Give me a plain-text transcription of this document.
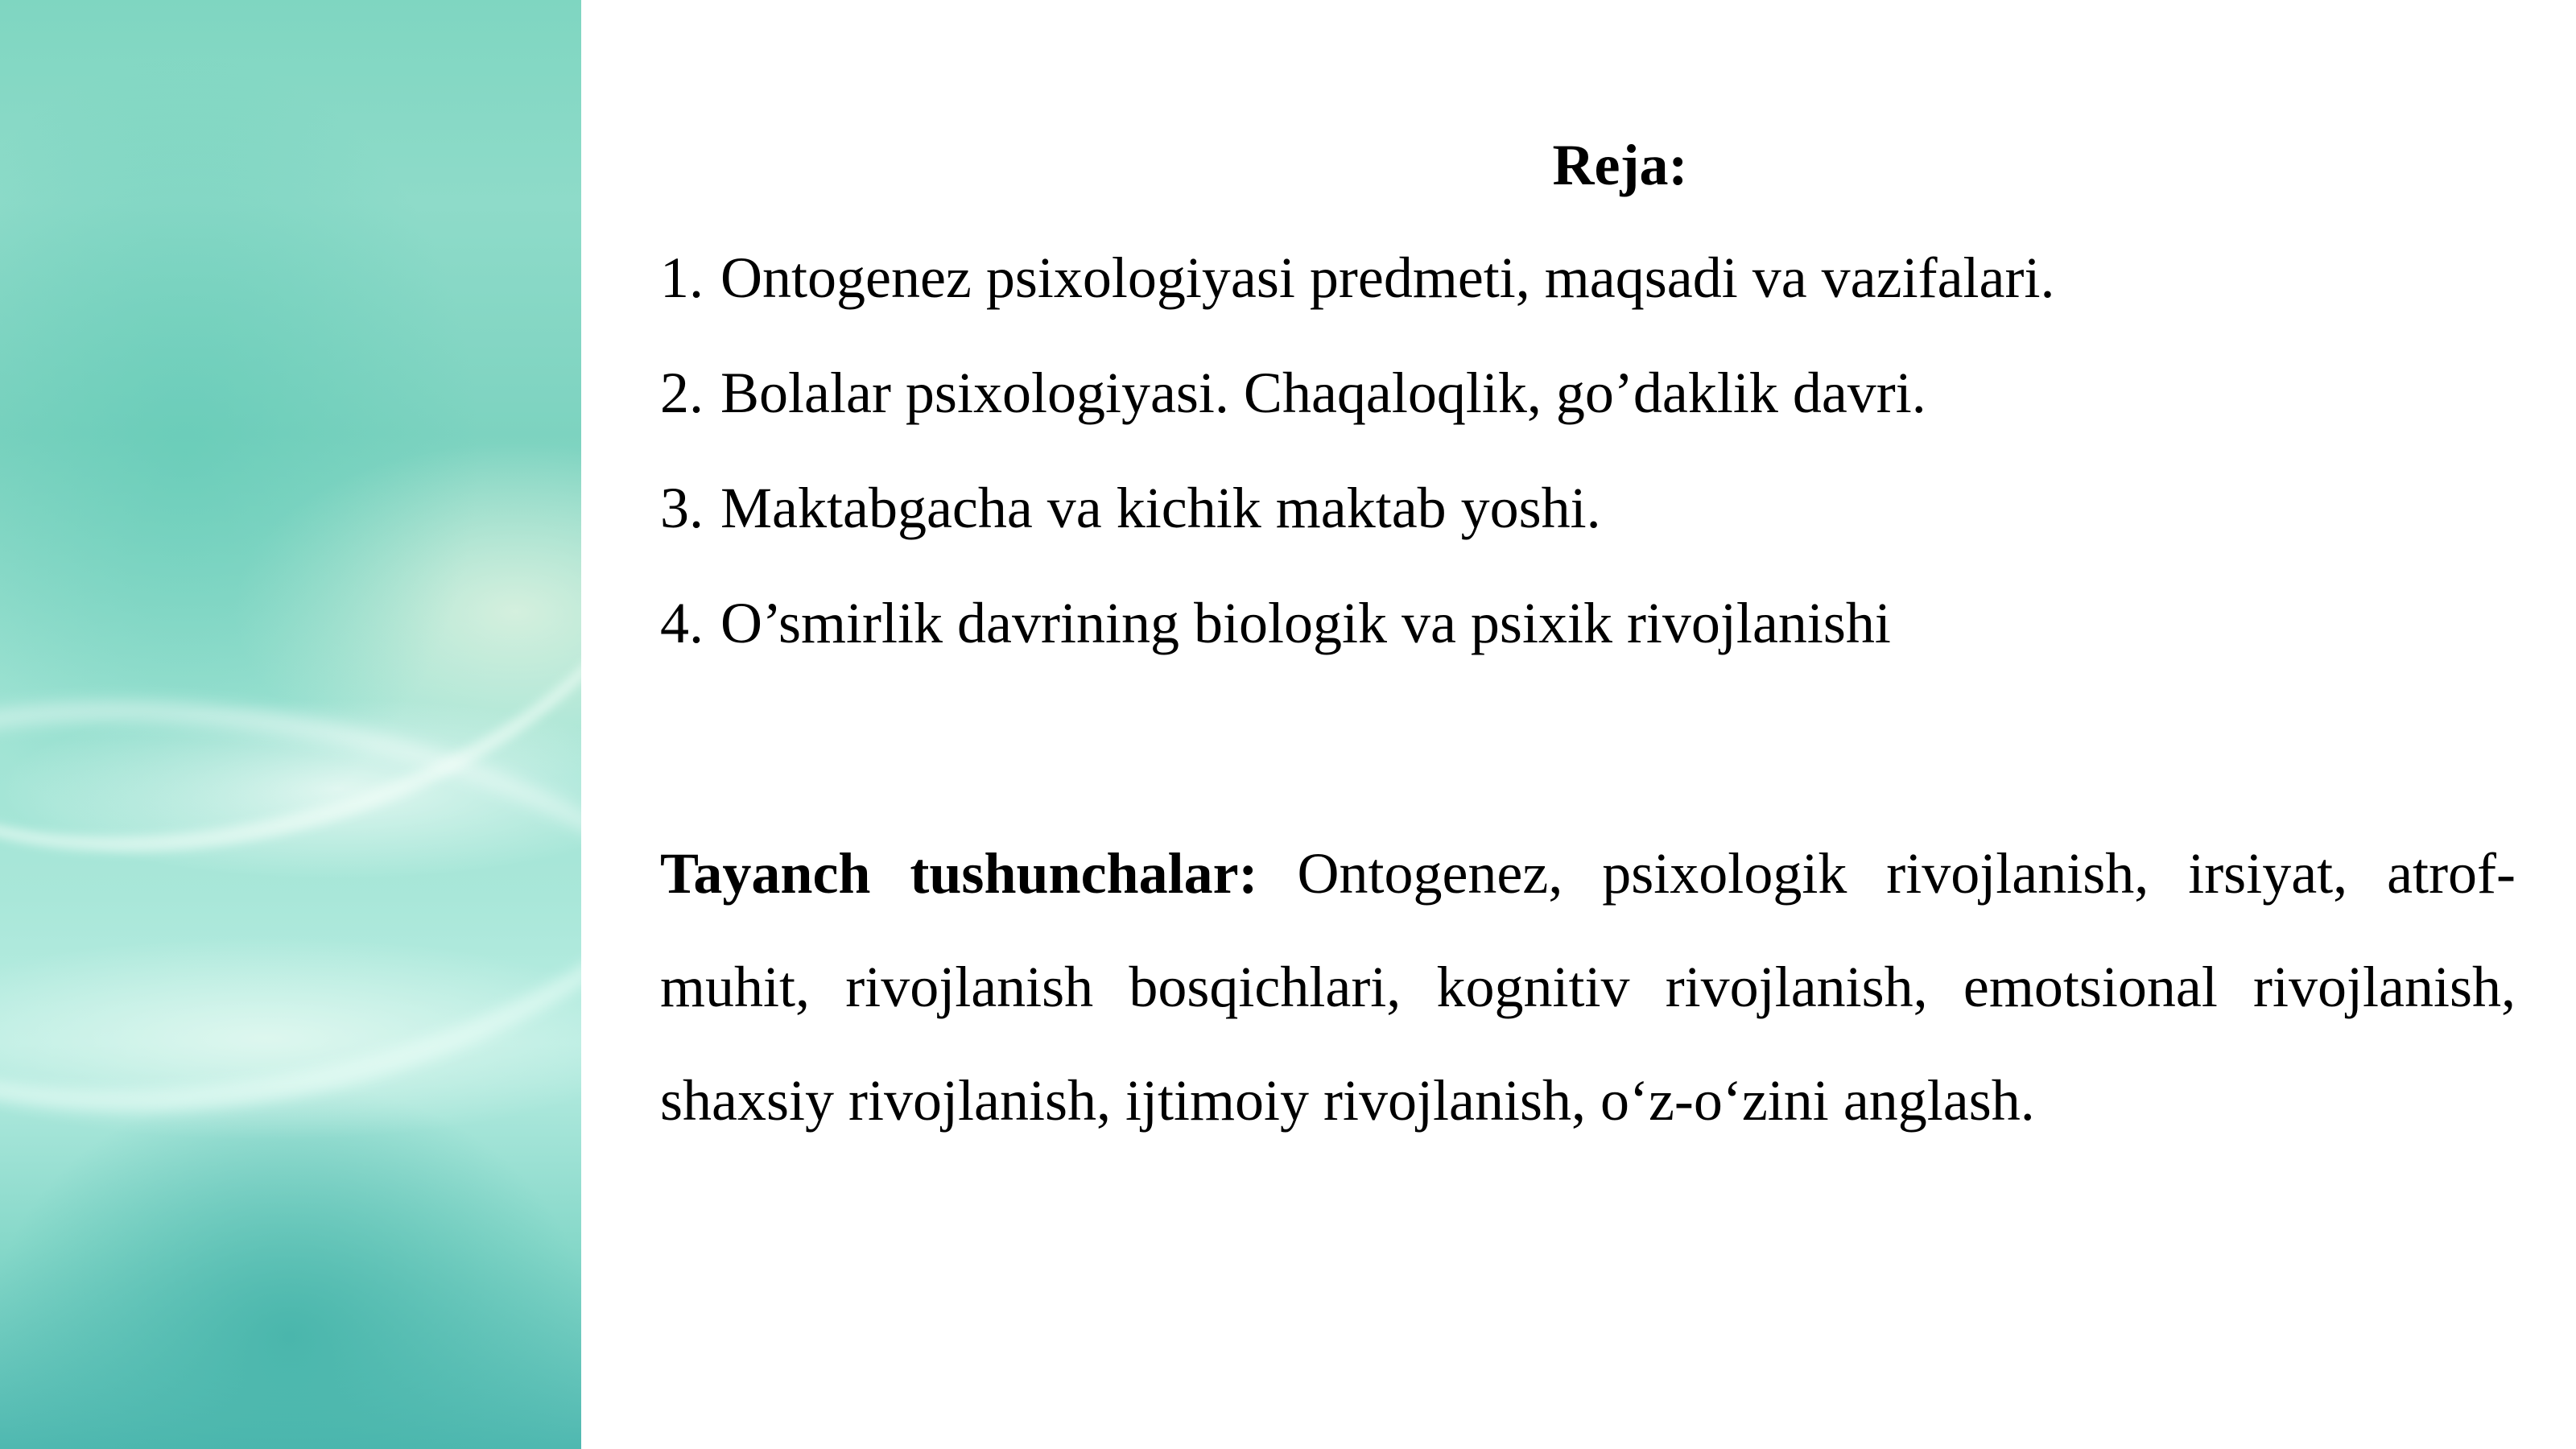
Reja:
1. Ontogenez psixologiyasi predmeti, maqsadi va vazifalari.
2. Bolalar psixologiyasi. Chaqaloqlik, go’daklik davri.
3. Maktabgacha va kichik maktab yoshi.
4. O’smirlik davrining biologik va psixik rivojlanishi

Tayanch tushunchalar: Ontogenez, psixologik rivojlanish, irsiyat, atrof-muhit, rivojlanish bosqichlari, kognitiv rivojlanish, emotsional rivojlanish, shaxsiy rivojlanish, ijtimoiy rivojlanish, o‘z-o‘zini anglash.
